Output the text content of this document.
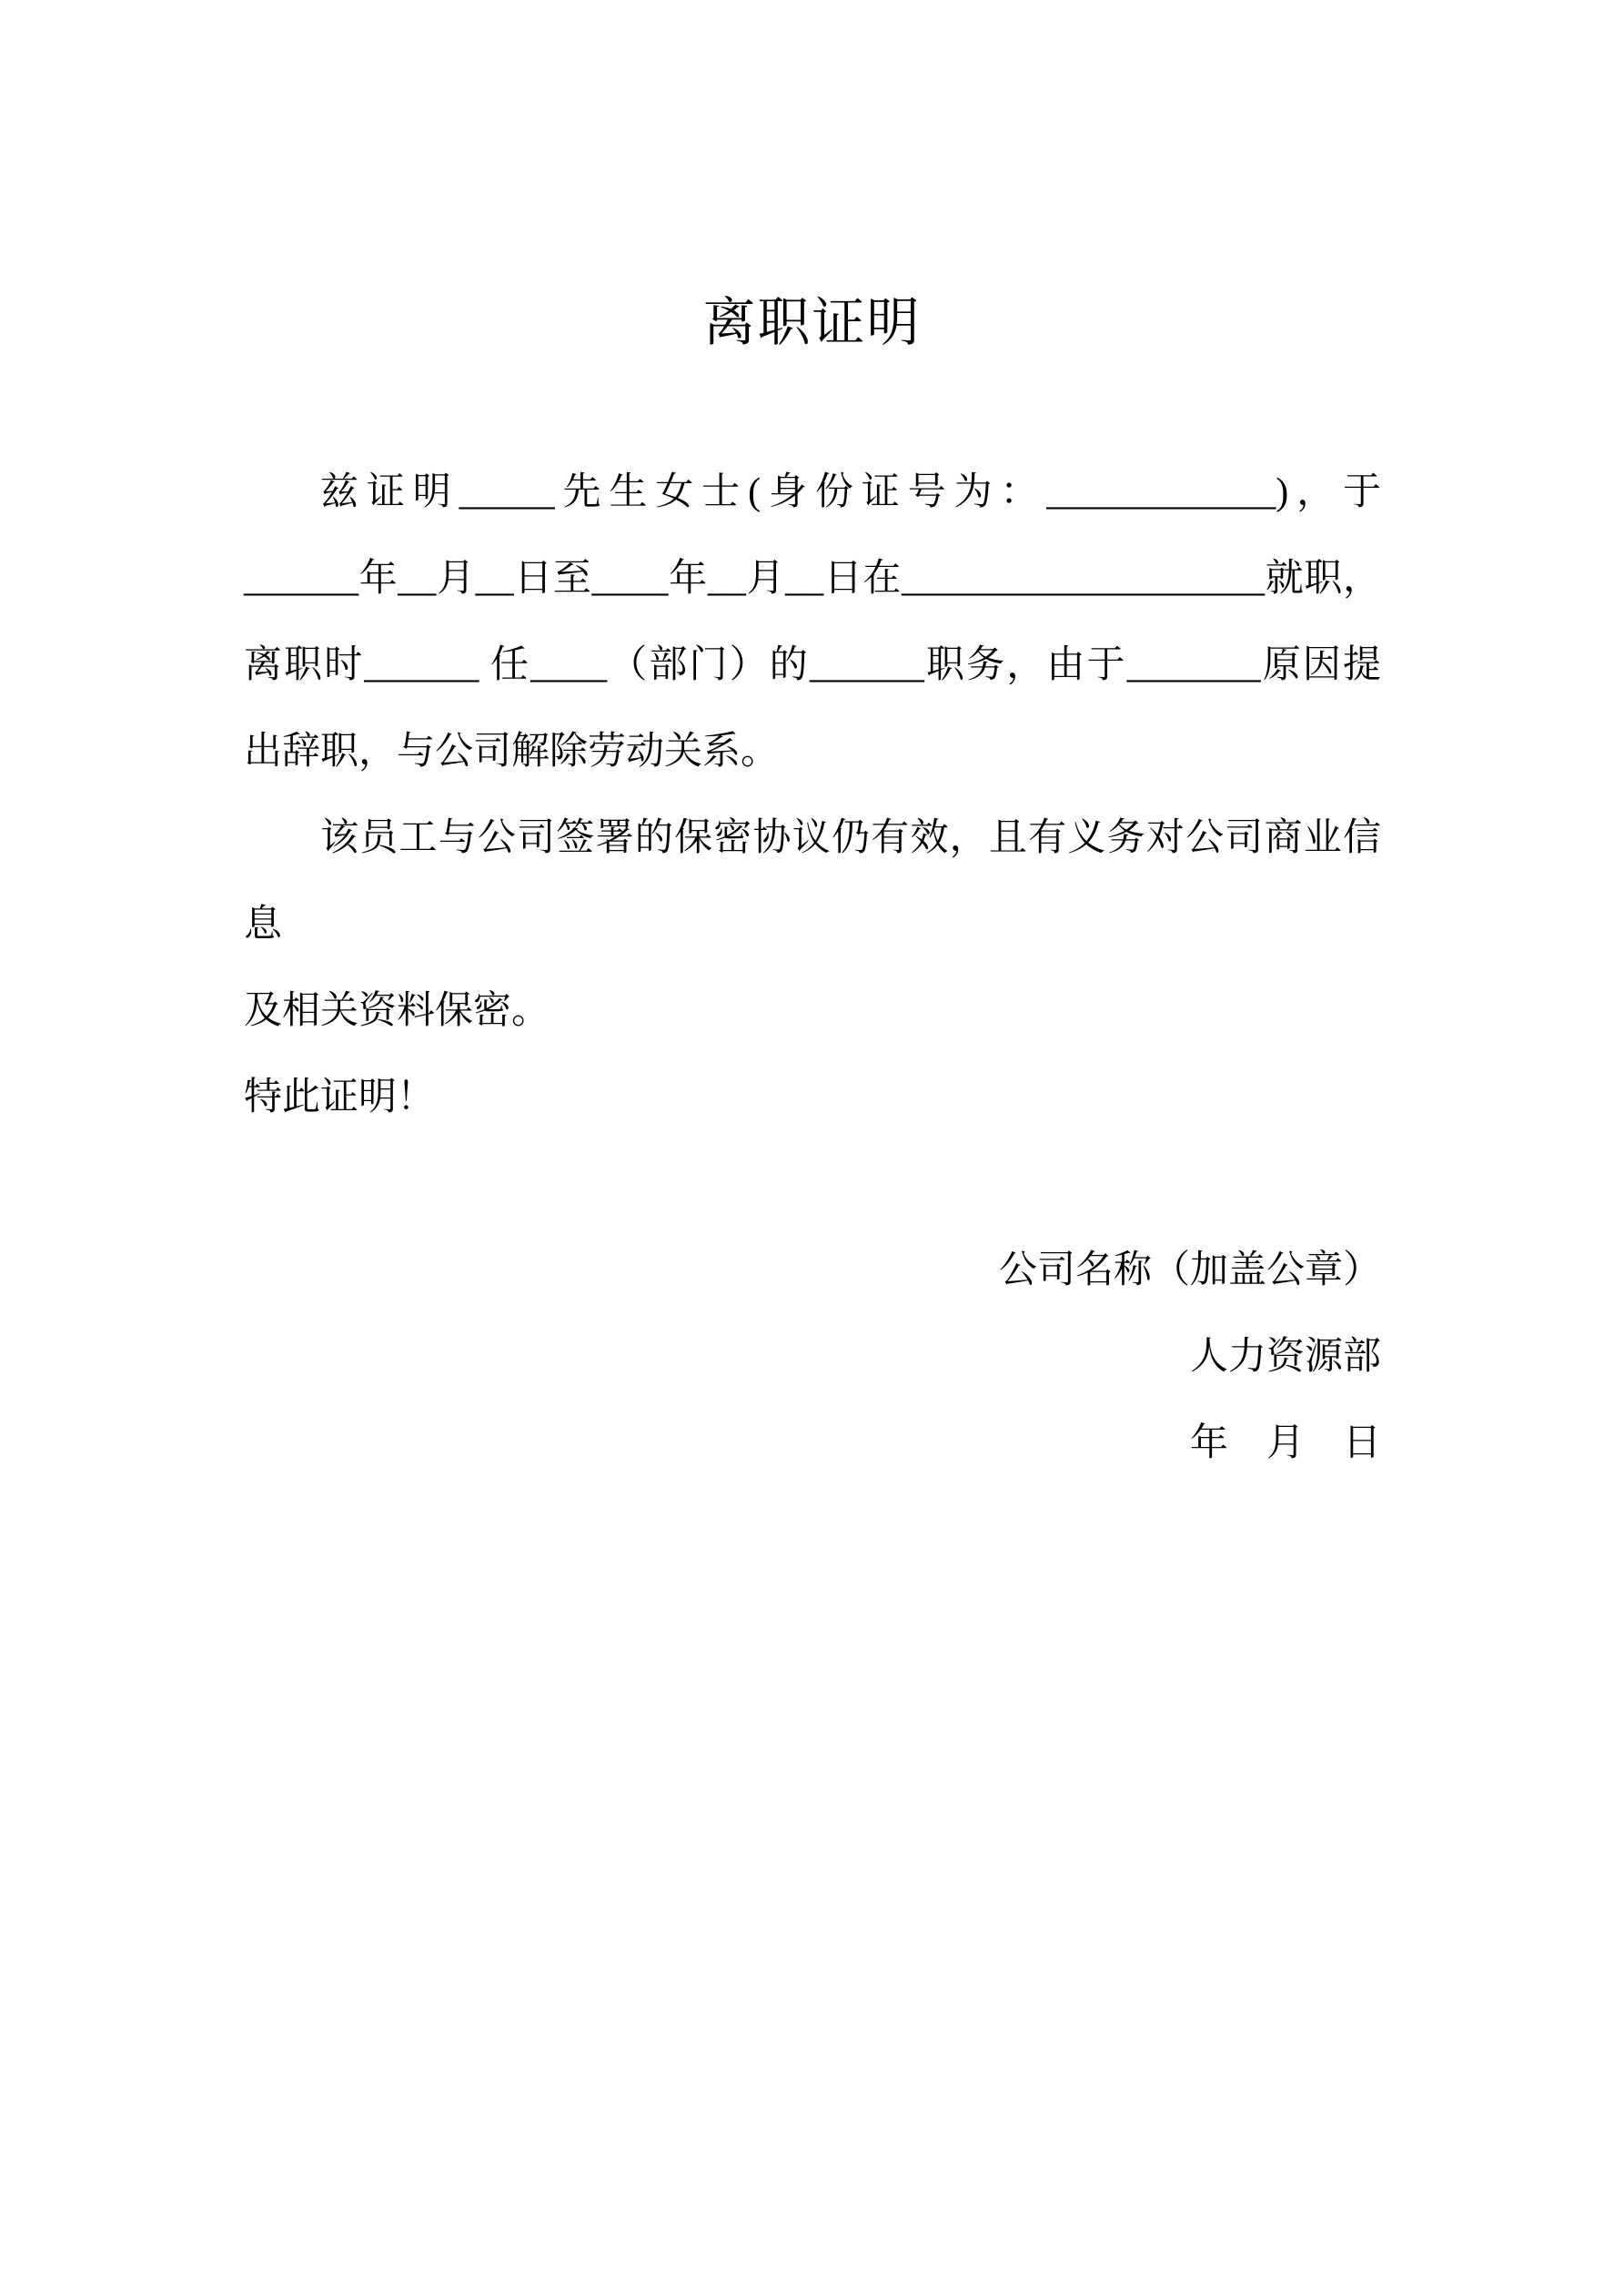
离职证明
兹证明_____先生女士(身份证号为：____________)，于
______年__月__日至____年__月__日在___________________就职，
离职时______ 任____（部门）的______职务，由于_______原因提
出辞职，与公司解除劳动关系。
该员工与公司签署的保密协议仍有效，且有义务对公司商业信息
及相关资料保密。
特此证明！
公司名称（加盖公章）
人力资源部
年　月　日
